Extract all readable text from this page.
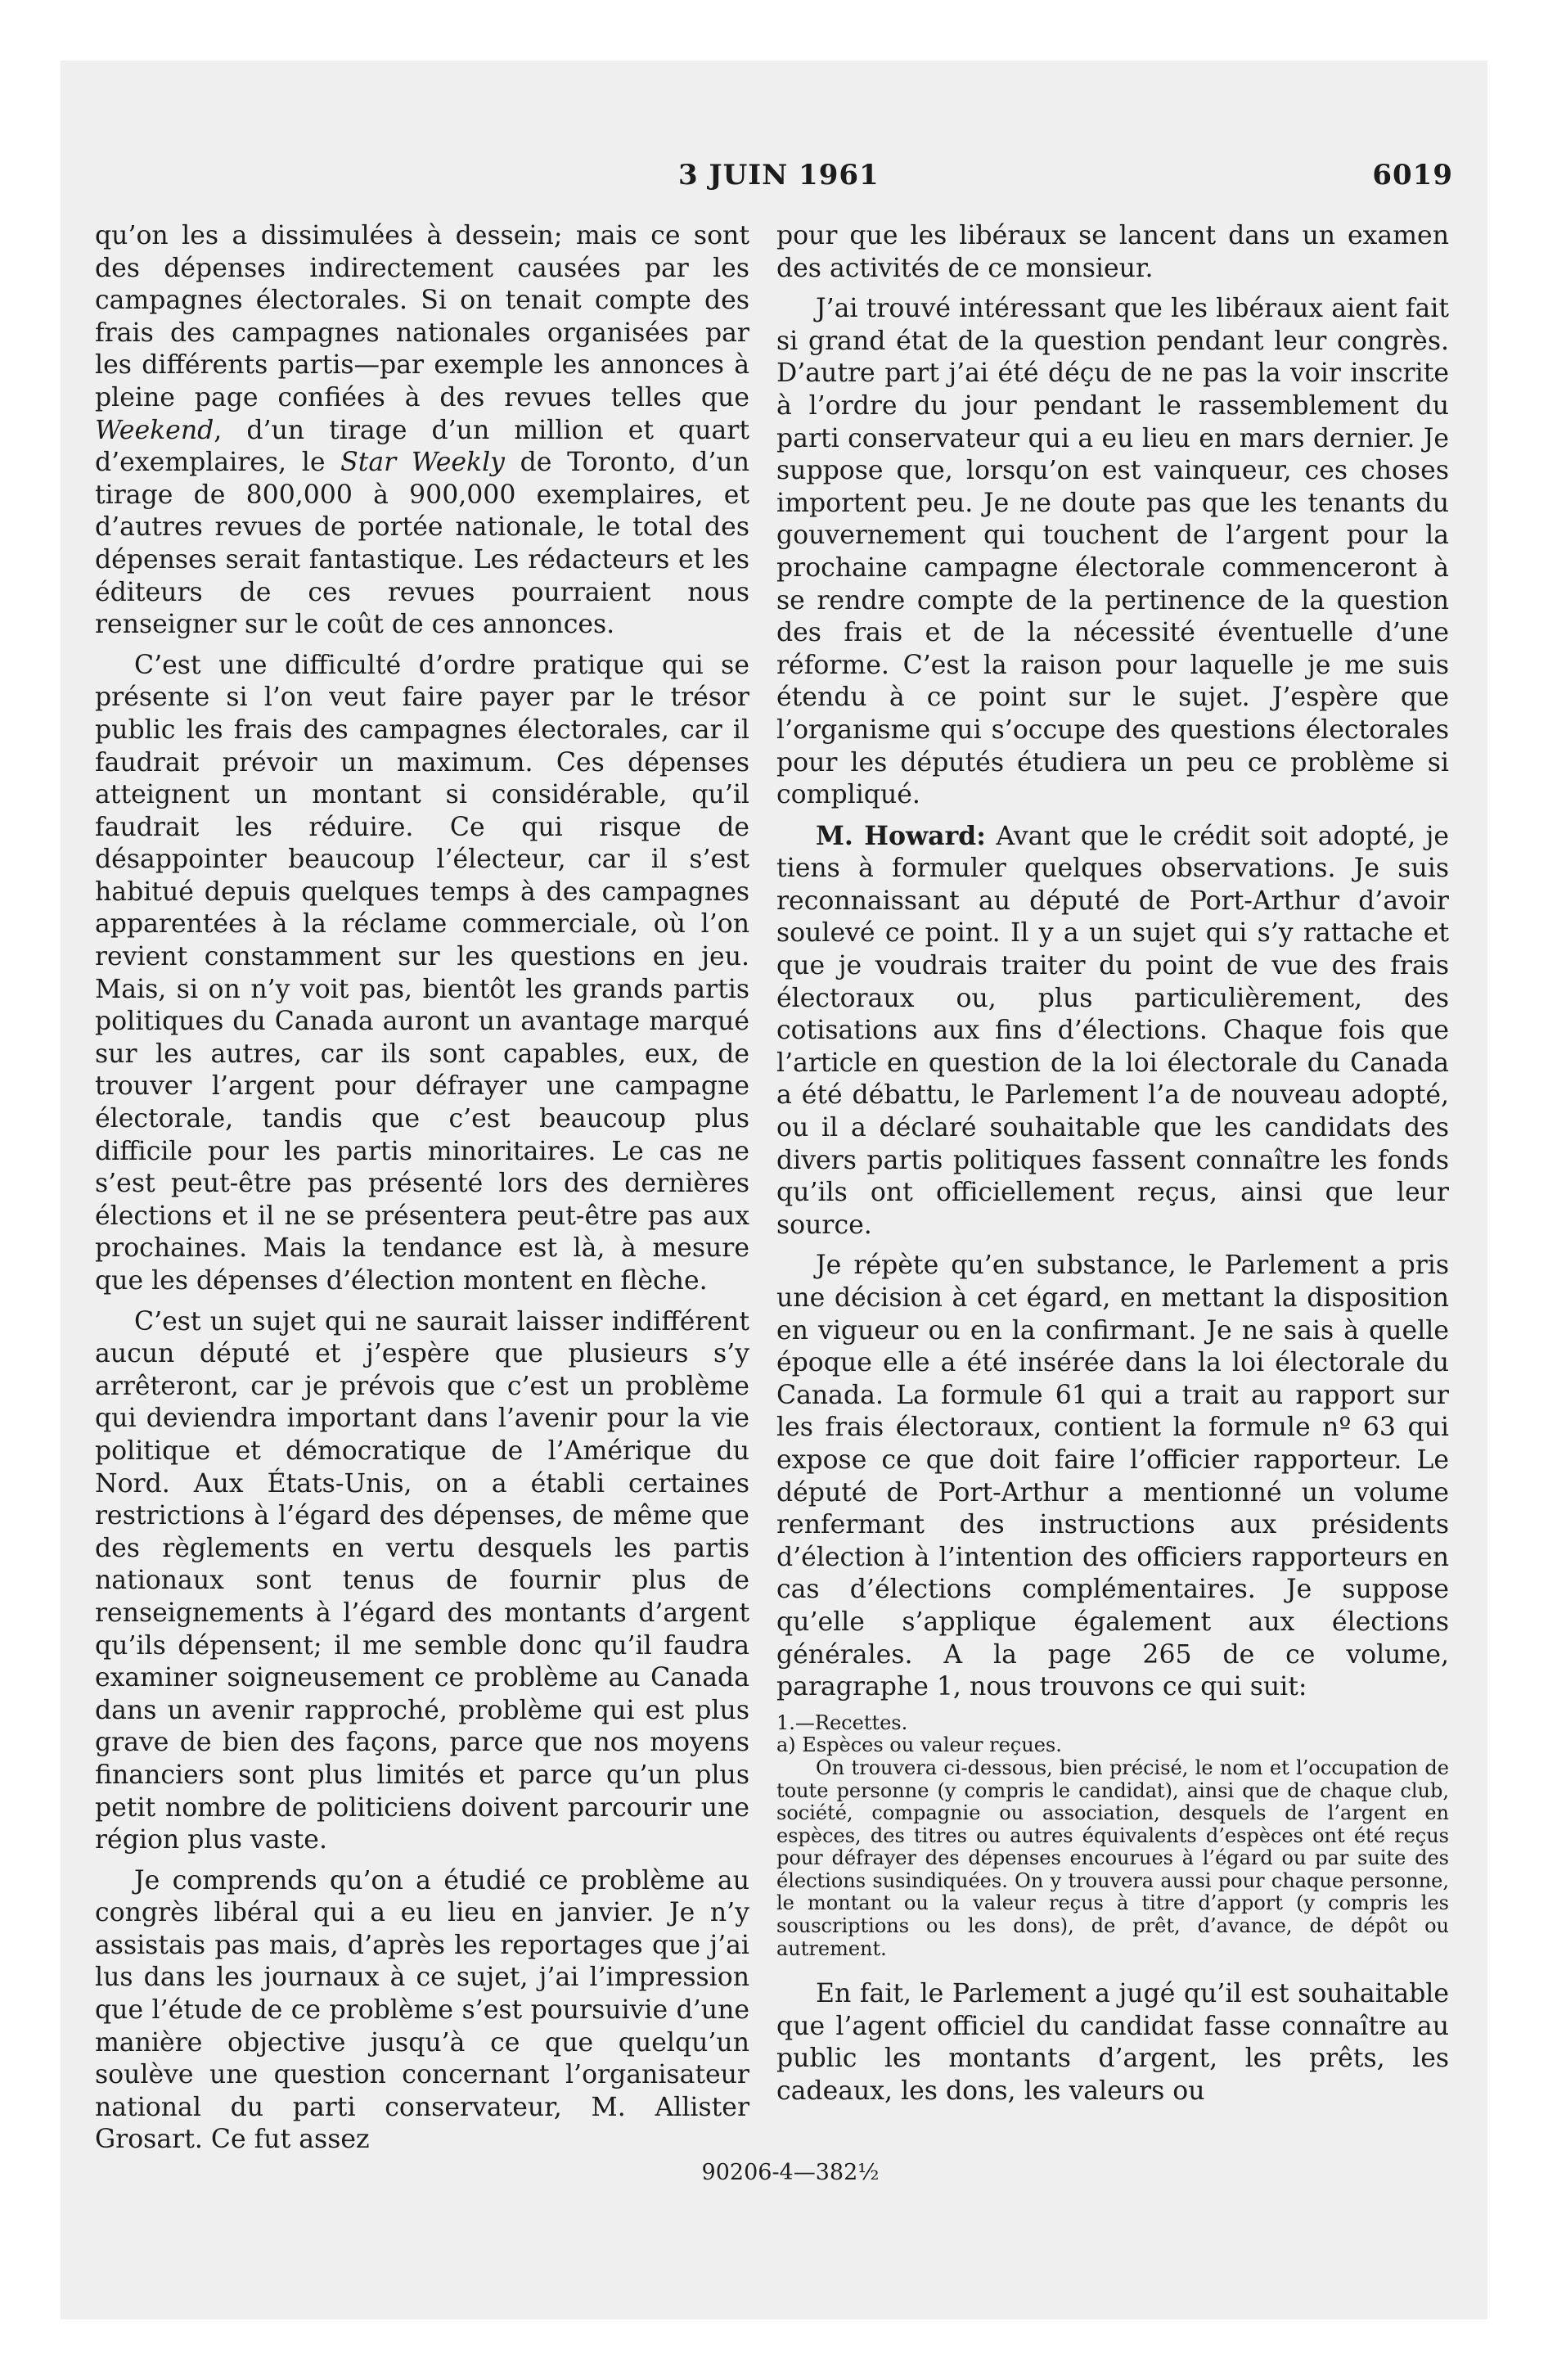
3 JUIN 1961	6019

qu’on les a dissimulées à dessein; mais ce sont des dépenses indirectement causées par les campagnes électorales. Si on tenait compte des frais des campagnes nationales organisées par les différents partis—par exemple les annonces à pleine page confiées à des revues telles que Weekend, d’un tirage d’un million et quart d’exemplaires, le Star Weekly de Toronto, d’un tirage de 800,000 à 900,000 exemplaires, et d’autres revues de portée nationale, le total des dépenses serait fantastique. Les rédacteurs et les éditeurs de ces revues pourraient nous renseigner sur le coût de ces annonces.

C’est une difficulté d’ordre pratique qui se présente si l’on veut faire payer par le trésor public les frais des campagnes électorales, car il faudrait prévoir un maximum. Ces dépenses atteignent un montant si considérable, qu’il faudrait les réduire. Ce qui risque de désappointer beaucoup l’électeur, car il s’est habitué depuis quelques temps à des campagnes apparentées à la réclame commerciale, où l’on revient constamment sur les questions en jeu. Mais, si on n’y voit pas, bientôt les grands partis politiques du Canada auront un avantage marqué sur les autres, car ils sont capables, eux, de trouver l’argent pour défrayer une campagne électorale, tandis que c’est beaucoup plus difficile pour les partis minoritaires. Le cas ne s’est peut-être pas présenté lors des dernières élections et il ne se présentera peut-être pas aux prochaines. Mais la tendance est là, à mesure que les dépenses d’élection montent en flèche.

C’est un sujet qui ne saurait laisser indifférent aucun député et j’espère que plusieurs s’y arrêteront, car je prévois que c’est un problème qui deviendra important dans l’avenir pour la vie politique et démocratique de l’Amérique du Nord. Aux États-Unis, on a établi certaines restrictions à l’égard des dépenses, de même que des règlements en vertu desquels les partis nationaux sont tenus de fournir plus de renseignements à l’égard des montants d’argent qu’ils dépensent; il me semble donc qu’il faudra examiner soigneusement ce problème au Canada dans un avenir rapproché, problème qui est plus grave de bien des façons, parce que nos moyens financiers sont plus limités et parce qu’un plus petit nombre de politiciens doivent parcourir une région plus vaste.

Je comprends qu’on a étudié ce problème au congrès libéral qui a eu lieu en janvier. Je n’y assistais pas mais, d’après les reportages que j’ai lus dans les journaux à ce sujet, j’ai l’impression que l’étude de ce problème s’est poursuivie d’une manière objective jusqu’à ce que quelqu’un soulève une question concernant l’organisateur national du parti conservateur, M. Allister Grosart. Ce fut assez

pour que les libéraux se lancent dans un examen des activités de ce monsieur.

J’ai trouvé intéressant que les libéraux aient fait si grand état de la question pendant leur congrès. D’autre part j’ai été déçu de ne pas la voir inscrite à l’ordre du jour pendant le rassemblement du parti conservateur qui a eu lieu en mars dernier. Je suppose que, lorsqu’on est vainqueur, ces choses importent peu. Je ne doute pas que les tenants du gouvernement qui touchent de l’argent pour la prochaine campagne électorale commenceront à se rendre compte de la pertinence de la question des frais et de la nécessité éventuelle d’une réforme. C’est la raison pour laquelle je me suis étendu à ce point sur le sujet. J’espère que l’organisme qui s’occupe des questions électorales pour les députés étudiera un peu ce problème si compliqué.

M. Howard: Avant que le crédit soit adopté, je tiens à formuler quelques observations. Je suis reconnaissant au député de Port-Arthur d’avoir soulevé ce point. Il y a un sujet qui s’y rattache et que je voudrais traiter du point de vue des frais électoraux ou, plus particulièrement, des cotisations aux fins d’élections. Chaque fois que l’article en question de la loi électorale du Canada a été débattu, le Parlement l’a de nouveau adopté, ou il a déclaré souhaitable que les candidats des divers partis politiques fassent connaître les fonds qu’ils ont officiellement reçus, ainsi que leur source.

Je répète qu’en substance, le Parlement a pris une décision à cet égard, en mettant la disposition en vigueur ou en la confirmant. Je ne sais à quelle époque elle a été insérée dans la loi électorale du Canada. La formule 61 qui a trait au rapport sur les frais électoraux, contient la formule nº 63 qui expose ce que doit faire l’officier rapporteur. Le député de Port-Arthur a mentionné un volume renfermant des instructions aux présidents d’élection à l’intention des officiers rapporteurs en cas d’élections complémentaires. Je suppose qu’elle s’applique également aux élections générales. A la page 265 de ce volume, paragraphe 1, nous trouvons ce qui suit:

1.—Recettes.

a) Espèces ou valeur reçues.

On trouvera ci-dessous, bien précisé, le nom et l’occupation de toute personne (y compris le candidat), ainsi que de chaque club, société, compagnie ou association, desquels de l’argent en espèces, des titres ou autres équivalents d’espèces ont été reçus pour défrayer des dépenses encourues à l’égard ou par suite des élections susindiquées. On y trouvera aussi pour chaque personne, le montant ou la valeur reçus à titre d’apport (y compris les souscriptions ou les dons), de prêt, d’avance, de dépôt ou autrement.

En fait, le Parlement a jugé qu’il est souhaitable que l’agent officiel du candidat fasse connaître au public les montants d’argent, les prêts, les cadeaux, les dons, les valeurs ou

90206-4—382½
